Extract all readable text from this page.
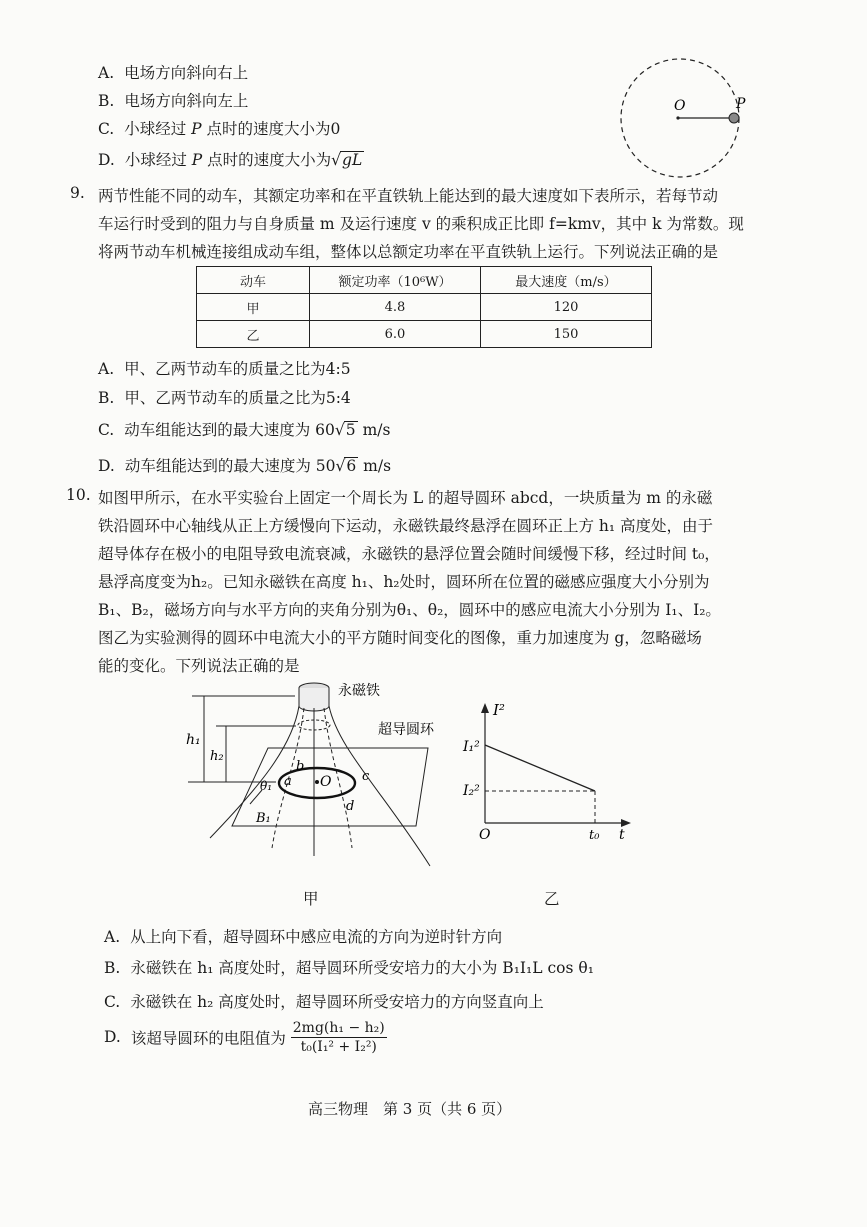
A. 电场方向斜向右上
B. 电场方向斜向左上
C. 小球经过 P 点时的速度大小为0
D. 小球经过 P 点时的速度大小为√gL
O	P
9. 两节性能不同的动车，其额定功率和在平直铁轨上能达到的最大速度如下表所示，若每节动
车运行时受到的阻力与自身质量 m 及运行速度 v 的乘积成正比即 f=kmv，其中 k 为常数。现
将两节动车机械连接组成动车组，整体以总额定功率在平直铁轨上运行。下列说法正确的是
动车	额定功率（10⁶W）	最大速度（m/s）
甲	4.8	120
乙	6.0	150
A. 甲、乙两节动车的质量之比为4:5
B. 甲、乙两节动车的质量之比为5:4
C. 动车组能达到的最大速度为 60√5 m/s
D. 动车组能达到的最大速度为 50√6 m/s
10. 如图甲所示，在水平实验台上固定一个周长为 L 的超导圆环 abcd，一块质量为 m 的永磁
铁沿圆环中心轴线从正上方缓慢向下运动，永磁铁最终悬浮在圆环正上方 h₁ 高度处，由于
超导体存在极小的电阻导致电流衰减，永磁铁的悬浮位置会随时间缓慢下移，经过时间 t₀，
悬浮高度变为h₂。已知永磁铁在高度 h₁、h₂处时，圆环所在位置的磁感应强度大小分别为
B₁、B₂，磁场方向与水平方向的夹角分别为θ₁、θ₂，圆环中的感应电流大小分别为 I₁、I₂。
图乙为实验测得的圆环中电流大小的平方随时间变化的图像，重力加速度为 g，忽略磁场
能的变化。下列说法正确的是
h₁
h₂
永磁铁
超导圆环
θ₁
B₁
a
b
c
d
O
I²
I₁²
I₂²
O	t₀ t
甲	乙
A. 从上向下看，超导圆环中感应电流的方向为逆时针方向
B. 永磁铁在 h₁ 高度处时，超导圆环所受安培力的大小为 B₁I₁L cos θ₁
C. 永磁铁在 h₂ 高度处时，超导圆环所受安培力的方向竖直向上
D. 该超导圆环的电阻值为 $\frac{\text{2mg(h₁ − h₂)}}{\text{t₀(I₁² + I₂²)}}$
高三物理　第 3 页（共 6 页）
